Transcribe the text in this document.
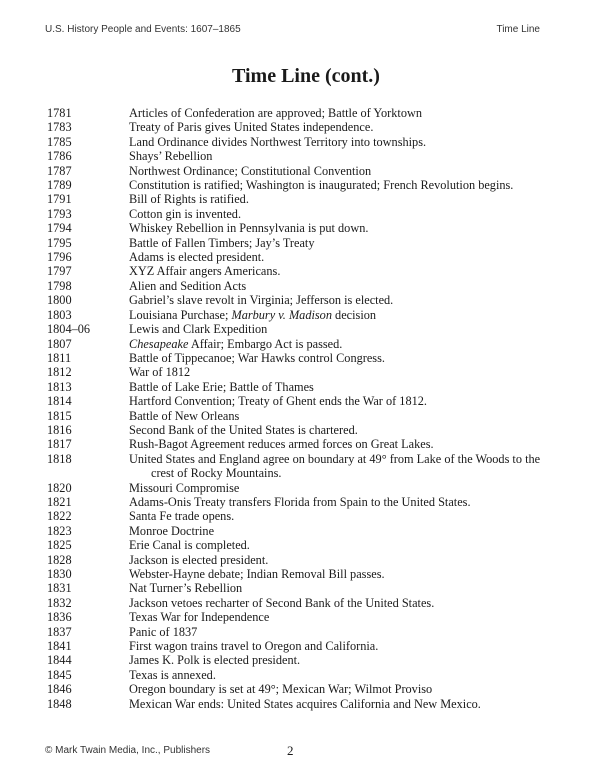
U.S. History People and Events: 1607–1865	Time Line
Time Line (cont.)
1781	Articles of Confederation are approved; Battle of Yorktown
1783	Treaty of Paris gives United States independence.
1785	Land Ordinance divides Northwest Territory into townships.
1786	Shays’ Rebellion
1787	Northwest Ordinance; Constitutional Convention
1789	Constitution is ratified; Washington is inaugurated; French Revolution begins.
1791	Bill of Rights is ratified.
1793	Cotton gin is invented.
1794	Whiskey Rebellion in Pennsylvania is put down.
1795	Battle of Fallen Timbers; Jay’s Treaty
1796	Adams is elected president.
1797	XYZ Affair angers Americans.
1798	Alien and Sedition Acts
1800	Gabriel’s slave revolt in Virginia; Jefferson is elected.
1803	Louisiana Purchase; Marbury v. Madison decision
1804–06	Lewis and Clark Expedition
1807	Chesapeake Affair; Embargo Act is passed.
1811	Battle of Tippecanoe; War Hawks control Congress.
1812	War of 1812
1813	Battle of Lake Erie; Battle of Thames
1814	Hartford Convention; Treaty of Ghent ends the War of 1812.
1815	Battle of New Orleans
1816	Second Bank of the United States is chartered.
1817	Rush-Bagot Agreement reduces armed forces on Great Lakes.
1818	United States and England agree on boundary at 49° from Lake of the Woods to the
crest of Rocky Mountains.
1820	Missouri Compromise
1821	Adams-Onis Treaty transfers Florida from Spain to the United States.
1822	Santa Fe trade opens.
1823	Monroe Doctrine
1825	Erie Canal is completed.
1828	Jackson is elected president.
1830	Webster-Hayne debate; Indian Removal Bill passes.
1831	Nat Turner’s Rebellion
1832	Jackson vetoes recharter of Second Bank of the United States.
1836	Texas War for Independence
1837	Panic of 1837
1841	First wagon trains travel to Oregon and California.
1844	James K. Polk is elected president.
1845	Texas is annexed.
1846	Oregon boundary is set at 49°; Mexican War; Wilmot Proviso
1848	Mexican War ends: United States acquires California and New Mexico.
© Mark Twain Media, Inc., Publishers	2
